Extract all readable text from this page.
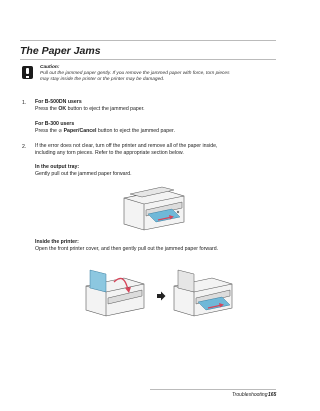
The Paper Jams
Caution:
Pull out the jammed paper gently. If you remove the jammed paper with force, torn pieces
may stay inside the printer or the printer may be damaged.
1. For B-500DN users
Press the OK button to eject the jammed paper.
For B-300 users
Press the ⊘ Paper/Cancel button to eject the jammed paper.
2. If the error does not clear, turn off the printer and remove all of the paper inside,
including any torn pieces. Refer to the appropriate section below.
In the output tray:
Gently pull out the jammed paper forward.
Inside the printer:
Open the front printer cover, and then gently pull out the jammed paper forward.
Troubleshooting 165
